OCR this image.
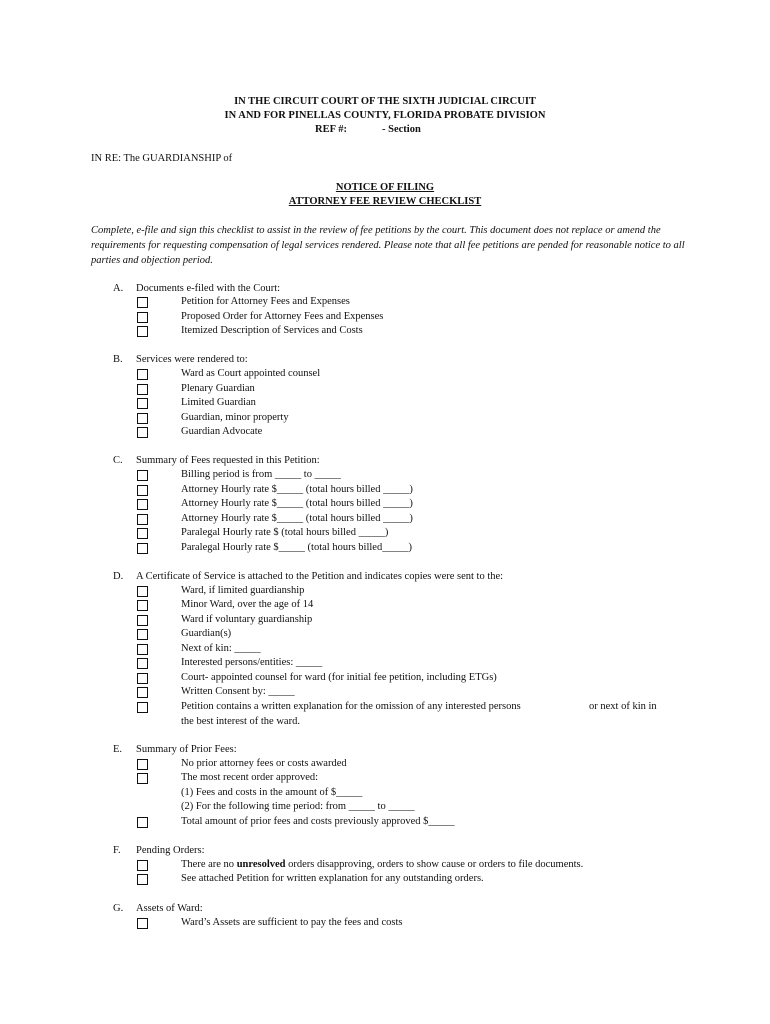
IN THE CIRCUIT COURT OF THE SIXTH JUDICIAL CIRCUIT
IN AND FOR PINELLAS COUNTY, FLORIDA PROBATE DIVISION
REF #:	- Section
IN RE: The GUARDIANSHIP of
NOTICE OF FILING
ATTORNEY FEE REVIEW CHECKLIST
Complete, e-file and sign this checklist to assist in the review of fee petitions by the court. This document does not replace or amend the requirements for requesting compensation of legal services rendered. Please note that all fee petitions are pended for reasonable notice to all parties and objection period.
A. Documents e-filed with the Court:
Petition for Attorney Fees and Expenses
Proposed Order for Attorney Fees and Expenses
Itemized Description of Services and Costs
B. Services were rendered to:
Ward as Court appointed counsel
Plenary Guardian
Limited Guardian
Guardian, minor property
Guardian Advocate
C. Summary of Fees requested in this Petition:
Billing period is from _____ to _____
Attorney Hourly rate $_____ (total hours billed _____)
Attorney Hourly rate $_____ (total hours billed _____)
Attorney Hourly rate $_____ (total hours billed _____)
Paralegal Hourly rate $ (total hours billed _____)
Paralegal Hourly rate $_____ (total hours billed_____)
D. A Certificate of Service is attached to the Petition and indicates copies were sent to the:
Ward, if limited guardianship
Minor Ward, over the age of 14
Ward if voluntary guardianship
Guardian(s)
Next of kin: _____
Interested persons/entities: _____
Court- appointed counsel for ward (for initial fee petition, including ETGs)
Written Consent by: _____
Petition contains a written explanation for the omission of any interested persons	or next of kin in
the best interest of the ward.
E. Summary of Prior Fees:
No prior attorney fees or costs awarded
The most recent order approved:
(1) Fees and costs in the amount of $_____
(2) For the following time period: from _____ to _____
Total amount of prior fees and costs previously approved $_____
F. Pending Orders:
There are no unresolved orders disapproving, orders to show cause or orders to file documents.
See attached Petition for written explanation for any outstanding orders.
G. Assets of Ward:
Ward’s Assets are sufficient to pay the fees and costs
